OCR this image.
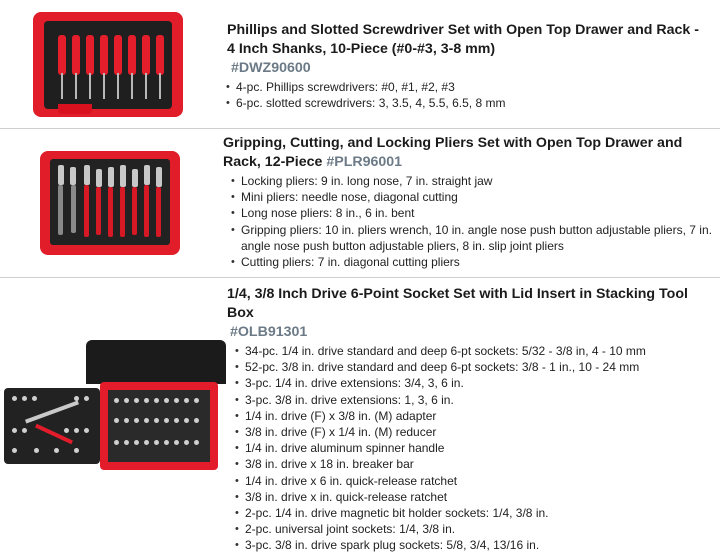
Phillips and Slotted Screwdriver Set with Open Top Drawer and Rack - 4 Inch Shanks, 10-Piece (#0-#3, 3-8 mm)

#DWZ90600
• 4-pc. Phillips screwdrivers: #0, #1, #2, #3
• 6-pc. slotted screwdrivers: 3, 3.5, 4, 5.5, 6.5, 8 mm

Gripping, Cutting, and Locking Pliers Set with Open Top Drawer and Rack, 12-Piece #PLR96001

• Locking pliers: 9 in. long nose, 7 in. straight jaw
• Mini pliers: needle nose, diagonal cutting
• Long nose pliers: 8 in., 6 in. bent
• Gripping pliers: 10 in. pliers wrench, 10 in. angle nose push button adjustable pliers, 7 in. angle nose push button adjustable pliers, 8 in. slip joint pliers
• Cutting pliers: 7 in. diagonal cutting pliers

1/4, 3/8 Inch Drive 6-Point Socket Set with Lid Insert in Stacking Tool Box

#OLB91301
• 34-pc. 1/4 in. drive standard and deep 6-pt sockets: 5/32 - 3/8 in, 4 - 10 mm
• 52-pc. 3/8 in. drive standard and deep 6-pt sockets: 3/8 - 1 in., 10 - 24 mm
• 3-pc. 1/4 in. drive extensions: 3/4, 3, 6 in.
• 3-pc. 3/8 in. drive extensions: 1, 3, 6 in.
• 1/4 in. drive (F) x 3/8 in. (M) adapter
• 3/8 in. drive (F) x 1/4 in. (M) reducer
• 1/4 in. drive aluminum spinner handle
• 3/8 in. drive x 18 in. breaker bar
• 1/4 in. drive x 6 in. quick-release ratchet
• 3/8 in. drive x in. quick-release ratchet
• 2-pc. 1/4 in. drive magnetic bit holder sockets: 1/4, 3/8 in.
• 2-pc. universal joint sockets: 1/4, 3/8 in.
• 3-pc. 3/8 in. drive spark plug sockets: 5/8, 3/4, 13/16 in.
